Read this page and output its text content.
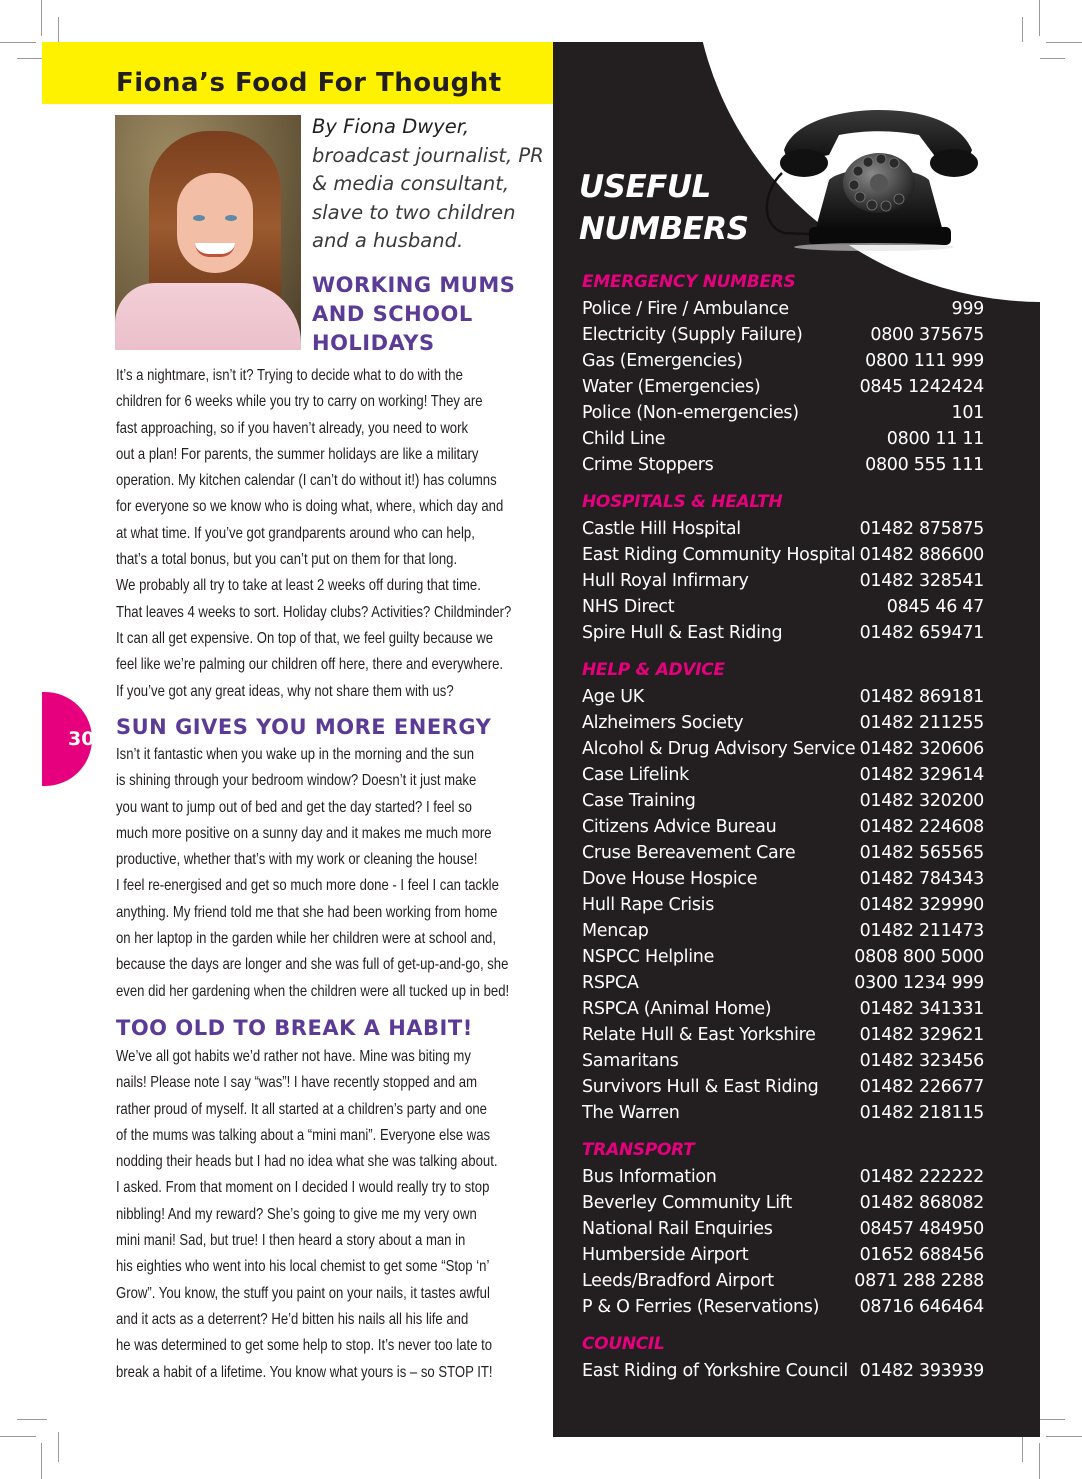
Fiona’s Food For Thought
By Fiona Dwyer,
broadcast journalist, PR & media consultant, slave to two children and a husband.
WORKING MUMS AND SCHOOL HOLIDAYS

It’s a nightmare, isn’t it? Trying to decide what to do with the

children for 6 weeks while you try to carry on working! They are

fast approaching, so if you haven’t already, you need to work

out a plan! For parents, the summer holidays are like a military

operation. My kitchen calendar (I can’t do without it!) has columns

for everyone so we know who is doing what, where, which day and

at what time. If you’ve got grandparents around who can help,

that’s a total bonus, but you can’t put on them for that long.

We probably all try to take at least 2 weeks off during that time.

That leaves 4 weeks to sort. Holiday clubs? Activities? Childminder?

It can all get expensive. On top of that, we feel guilty because we

feel like we’re palming our children off here, there and everywhere.

If you’ve got any great ideas, why not share them with us?

30 SUN GIVES YOU MORE ENERGY

Isn’t it fantastic when you wake up in the morning and the sun

is shining through your bedroom window? Doesn’t it just make

you want to jump out of bed and get the day started? I feel so

much more positive on a sunny day and it makes me much more

productive, whether that’s with my work or cleaning the house!

I feel re-energised and get so much more done - I feel I can tackle

anything. My friend told me that she had been working from home

on her laptop in the garden while her children were at school and,

because the days are longer and she was full of get-up-and-go, she

even did her gardening when the children were all tucked up in bed!

TOO OLD TO BREAK A HABIT!

We’ve all got habits we’d rather not have. Mine was biting my

nails! Please note I say “was”! I have recently stopped and am

rather proud of myself. It all started at a children’s party and one

of the mums was talking about a “mini mani”. Everyone else was

nodding their heads but I had no idea what she was talking about.

I asked. From that moment on I decided I would really try to stop

nibbling! And my reward? She’s going to give me my very own

mini mani! Sad, but true! I then heard a story about a man in

his eighties who went into his local chemist to get some “Stop ‘n’

Grow”. You know, the stuff you paint on your nails, it tastes awful

and it acts as a deterrent? He’d bitten his nails all his life and

he was determined to get some help to stop. It’s never too late to

break a habit of a lifetime. You know what yours is – so STOP IT!

USEFUL
NUMBERS
EMERGENCY NUMBERS
Police / Fire / Ambulance	999
Electricity (Supply Failure)	0800 375675
Gas (Emergencies)	0800 111 999
Water (Emergencies)	0845 1242424
Police (Non-emergencies)	101
Child Line	0800 11 11
Crime Stoppers	0800 555 111
HOSPITALS & HEALTH
Castle Hill Hospital	01482 875875
East Riding Community Hospital 01482 886600
Hull Royal Infirmary	01482 328541
NHS Direct	0845 46 47
Spire Hull & East Riding	01482 659471
HELP & ADVICE
Age UK	01482 869181
Alzheimers Society	01482 211255
Alcohol & Drug Advisory Service 01482 320606
Case Lifelink	01482 329614
Case Training	01482 320200
Citizens Advice Bureau	01482 224608
Cruse Bereavement Care	01482 565565
Dove House Hospice	01482 784343
Hull Rape Crisis	01482 329990
Mencap	01482 211473
NSPCC Helpline	0808 800 5000
RSPCA	0300 1234 999
RSPCA (Animal Home)	01482 341331
Relate Hull & East Yorkshire	01482 329621
Samaritans	01482 323456
Survivors Hull & East Riding 01482 226677
The Warren	01482 218115
TRANSPORT
Bus Information	01482 222222
Beverley Community Lift	01482 868082
National Rail Enquiries	08457 484950
Humberside Airport	01652 688456
Leeds/Bradford Airport	0871 288 2288
P & O Ferries (Reservations) 08716 646464
COUNCIL
East Riding of Yorkshire Council 01482 393939
